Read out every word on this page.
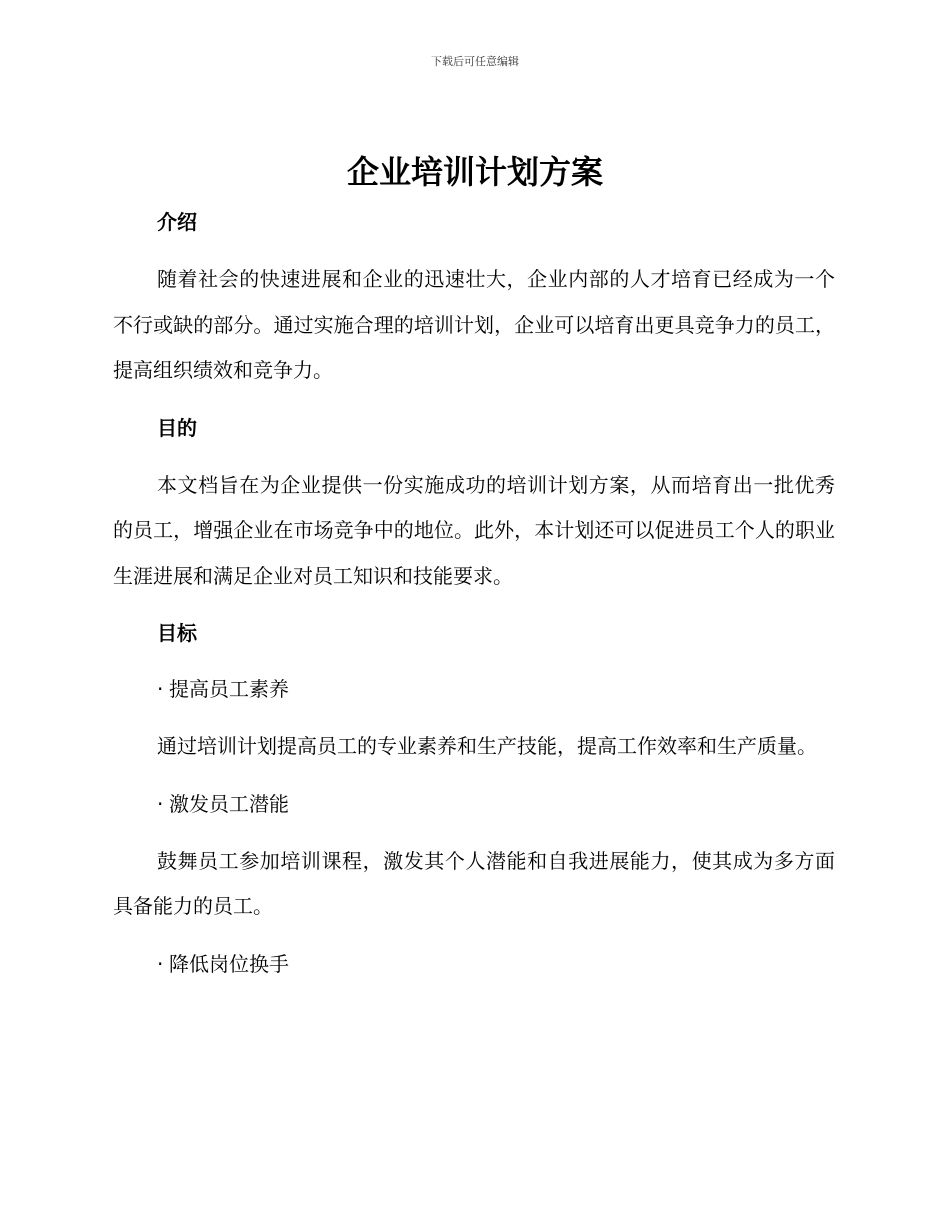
下载后可任意编辑
企业培训计划方案
介绍

随着社会的快速进展和企业的迅速壮大，企业内部的人才培育已经成为一个不行或缺的部分。通过实施合理的培训计划，企业可以培育出更具竞争力的员工，提高组织绩效和竞争力。

目的

本文档旨在为企业提供一份实施成功的培训计划方案，从而培育出一批优秀的员工，增强企业在市场竞争中的地位。此外，本计划还可以促进员工个人的职业生涯进展和满足企业对员工知识和技能要求。

目标

· 提高员工素养

通过培训计划提高员工的专业素养和生产技能，提高工作效率和生产质量。

· 激发员工潜能

鼓舞员工参加培训课程，激发其个人潜能和自我进展能力，使其成为多方面具备能力的员工。

· 降低岗位换手
